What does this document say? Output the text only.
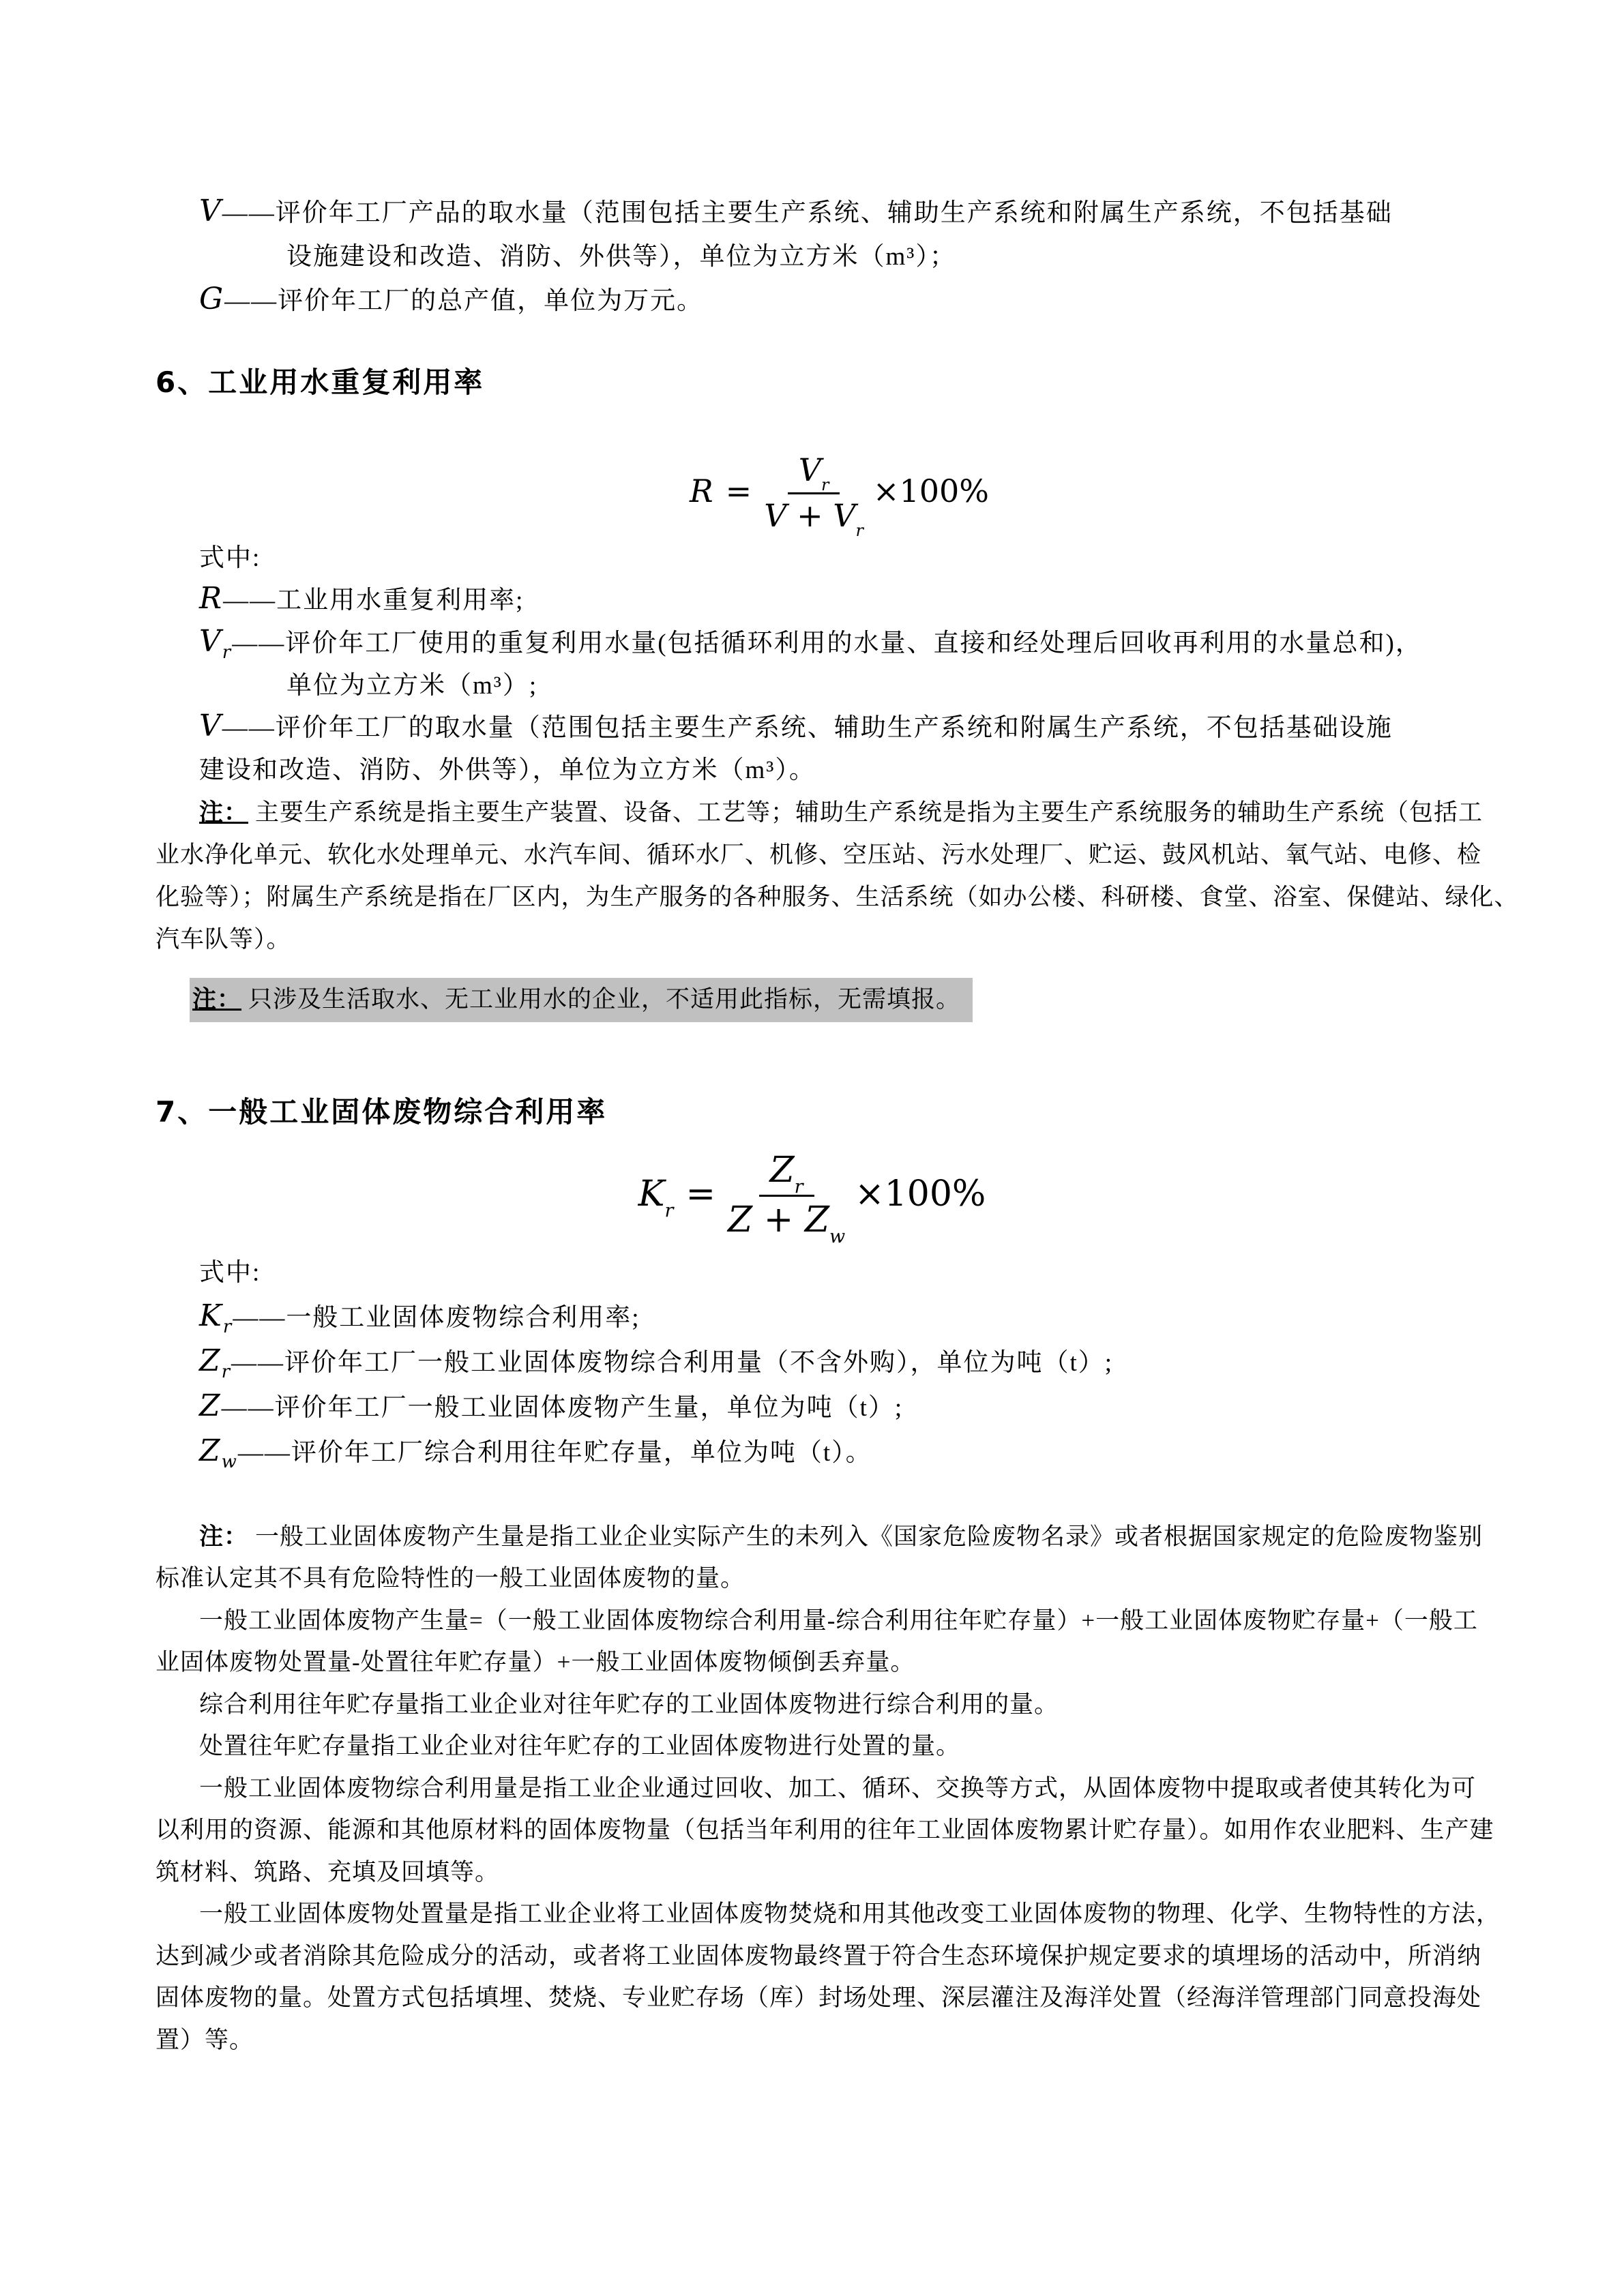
V——评价年工厂产品的取水量（范围包括主要生产系统、辅助生产系统和附属生产系统，不包括基础
设施建设和改造、消防、外供等），单位为立方米（m³）；
G——评价年工厂的总产值，单位为万元。
6、工业用水重复利用率
$R = \frac{V_r}{V + V_r} \times 100\%$
式中:
R——工业用水重复利用率;
$V_r——$评价年工厂使用的重复利用水量(包括循环利用的水量、直接和经处理后回收再利用的水量总和)，
单位为立方米（m³）;
V——评价年工厂的取水量（范围包括主要生产系统、辅助生产系统和附属生产系统，不包括基础设施
建设和改造、消防、外供等），单位为立方米（m³）。
注： 主要生产系统是指主要生产装置、设备、工艺等；辅助生产系统是指为主要生产系统服务的辅助生产系统（包括工
业水净化单元、软化水处理单元、水汽车间、循环水厂、机修、空压站、污水处理厂、贮运、鼓风机站、氧气站、电修、检
化验等）；附属生产系统是指在厂区内，为生产服务的各种服务、生活系统（如办公楼、科研楼、食堂、浴室、保健站、绿化、
汽车队等）。
注： 只涉及生活取水、无工业用水的企业，不适用此指标，无需填报。
7、一般工业固体废物综合利用率
$K_r = \frac{Z_r}{Z + Z_w} \times 100\%$
式中:
$K_r——$一般工业固体废物综合利用率;
$Z_r——$评价年工厂一般工业固体废物综合利用量（不含外购），单位为吨（t）;
Z——评价年工厂一般工业固体废物产生量，单位为吨（t）;
$Z_w——$评价年工厂综合利用往年贮存量，单位为吨（t）。
注： 一般工业固体废物产生量是指工业企业实际产生的未列入《国家危险废物名录》或者根据国家规定的危险废物鉴别
标准认定其不具有危险特性的一般工业固体废物的量。
一般工业固体废物产生量=（一般工业固体废物综合利用量-综合利用往年贮存量）+一般工业固体废物贮存量+（一般工
业固体废物处置量-处置往年贮存量）+一般工业固体废物倾倒丢弃量。
综合利用往年贮存量指工业企业对往年贮存的工业固体废物进行综合利用的量。
处置往年贮存量指工业企业对往年贮存的工业固体废物进行处置的量。
一般工业固体废物综合利用量是指工业企业通过回收、加工、循环、交换等方式，从固体废物中提取或者使其转化为可
以利用的资源、能源和其他原材料的固体废物量（包括当年利用的往年工业固体废物累计贮存量）。如用作农业肥料、生产建
筑材料、筑路、充填及回填等。
一般工业固体废物处置量是指工业企业将工业固体废物焚烧和用其他改变工业固体废物的物理、化学、生物特性的方法，
达到减少或者消除其危险成分的活动，或者将工业固体废物最终置于符合生态环境保护规定要求的填埋场的活动中，所消纳
固体废物的量。处置方式包括填埋、焚烧、专业贮存场（库）封场处理、深层灌注及海洋处置（经海洋管理部门同意投海处
置）等。
